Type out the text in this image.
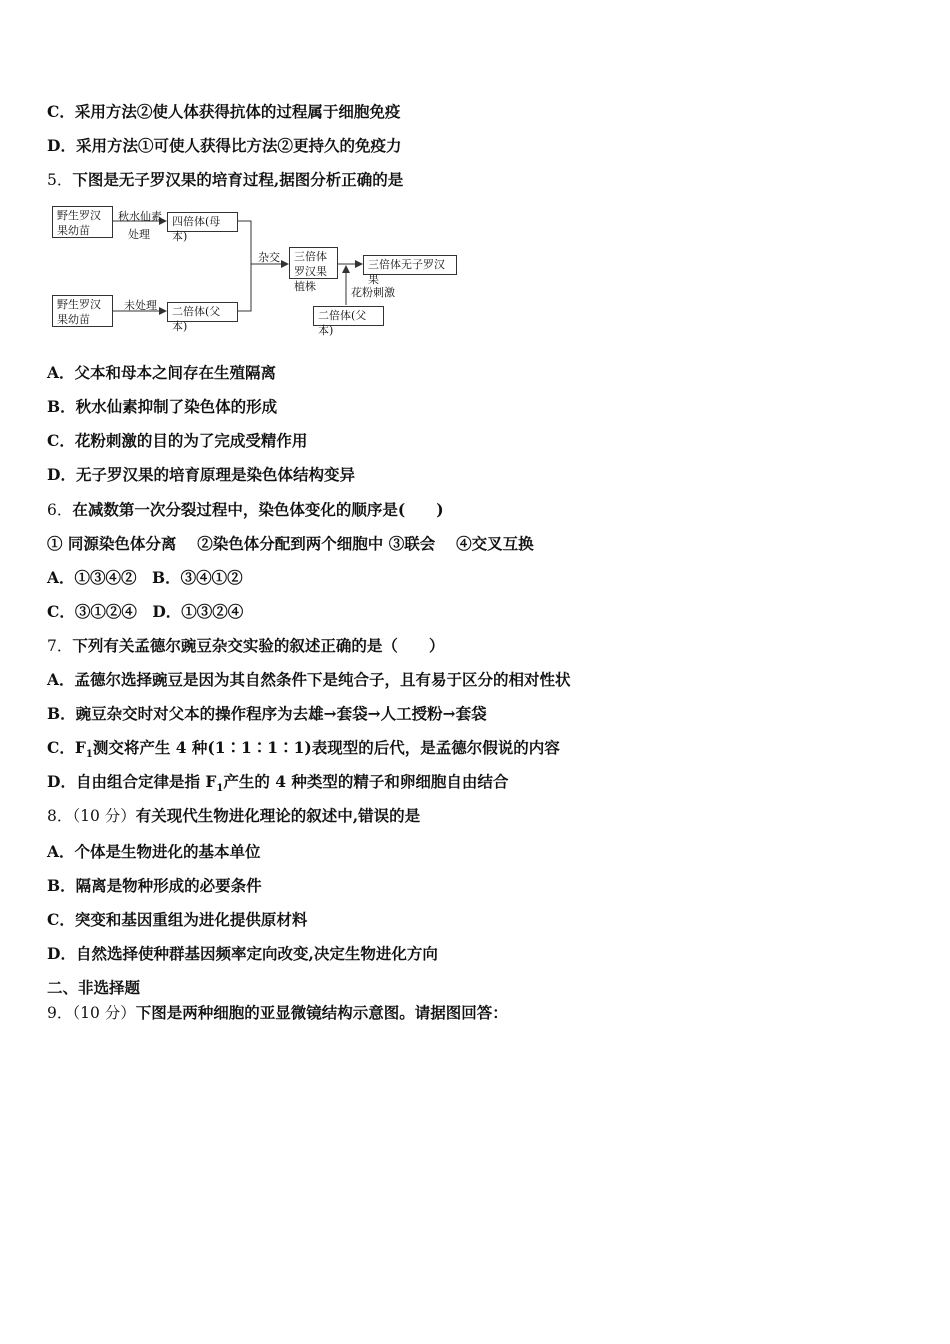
C．采用方法②使人体获得抗体的过程属于细胞免疫
D．采用方法①可使人获得比方法②更持久的免疫力
5．下图是无子罗汉果的培育过程,据图分析正确的是
野生罗汉果幼苗
秋水仙素
处理
四倍体(母本)
野生罗汉果幼苗
未处理	二倍体(父本)
杂交	三倍体罗汉果植株
三倍体无子罗汉果
花粉刺激
二倍体(父本)
A．父本和母本之间存在生殖隔离
B．秋水仙素抑制了染色体的形成
C．花粉刺激的目的为了完成受精作用
D．无子罗汉果的培育原理是染色体结构变异
6．在减数第一次分裂过程中，染色体变化的顺序是(　　)
① 同源染色体分离　 ②染色体分配到两个细胞中 ③联会　 ④交叉互换
A．①③④②　B．③④①②
C．③①②④　D．①③②④
7．下列有关孟德尔豌豆杂交实验的叙述正确的是（　　）
A．孟德尔选择豌豆是因为其自然条件下是纯合子，且有易于区分的相对性状
B．豌豆杂交时对父本的操作程序为去雄→套袋→人工授粉→套袋
C．$F_1$测交将产生 4 种(1∶1∶1∶1)表现型的后代，是孟德尔假说的内容
D．自由组合定律是指 $F_1$产生的 4 种类型的精子和卵细胞自由结合
8．（10 分）有关现代生物进化理论的叙述中,错误的是
A．个体是生物进化的基本单位
B．隔离是物种形成的必要条件
C．突变和基因重组为进化提供原材料
D．自然选择使种群基因频率定向改变,决定生物进化方向
二、非选择题
9．（10 分）下图是两种细胞的亚显微镜结构示意图。请据图回答：
